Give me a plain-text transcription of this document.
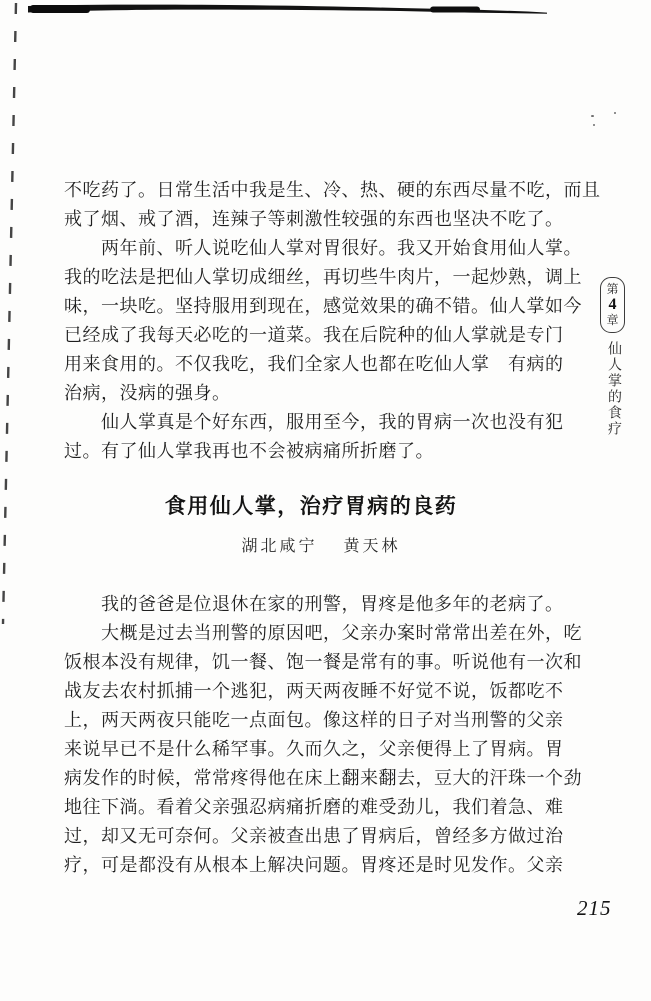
不吃药了。日常生活中我是生、冷、热、硬的东西尽量不吃，而且
戒了烟、戒了酒，连辣子等刺激性较强的东西也坚决不吃了。
两年前、听人说吃仙人掌对胃很好。我又开始食用仙人掌。
我的吃法是把仙人掌切成细丝，再切些牛肉片，一起炒熟，调上
味，一块吃。坚持服用到现在，感觉效果的确不错。仙人掌如今
已经成了我每天必吃的一道菜。我在后院种的仙人掌就是专门
用来食用的。不仅我吃，我们全家人也都在吃仙人掌　有病的
治病，没病的强身。
仙人掌真是个好东西，服用至今，我的胃病一次也没有犯
过。有了仙人掌我再也不会被病痛所折磨了。
食用仙人掌，治疗胃病的良药
湖北咸宁 黄天林
我的爸爸是位退休在家的刑警，胃疼是他多年的老病了。
大概是过去当刑警的原因吧，父亲办案时常常出差在外，吃
饭根本没有规律，饥一餐、饱一餐是常有的事。听说他有一次和
战友去农村抓捕一个逃犯，两天两夜睡不好觉不说，饭都吃不
上，两天两夜只能吃一点面包。像这样的日子对当刑警的父亲
来说早已不是什么稀罕事。久而久之，父亲便得上了胃病。胃
病发作的时候，常常疼得他在床上翻来翻去，豆大的汗珠一个劲
地往下淌。看着父亲强忍病痛折磨的难受劲儿，我们着急、难
过，却又无可奈何。父亲被查出患了胃病后，曾经多方做过治
疗，可是都没有从根本上解决问题。胃疼还是时见发作。父亲
第
4
章
仙人掌的食疗
215
